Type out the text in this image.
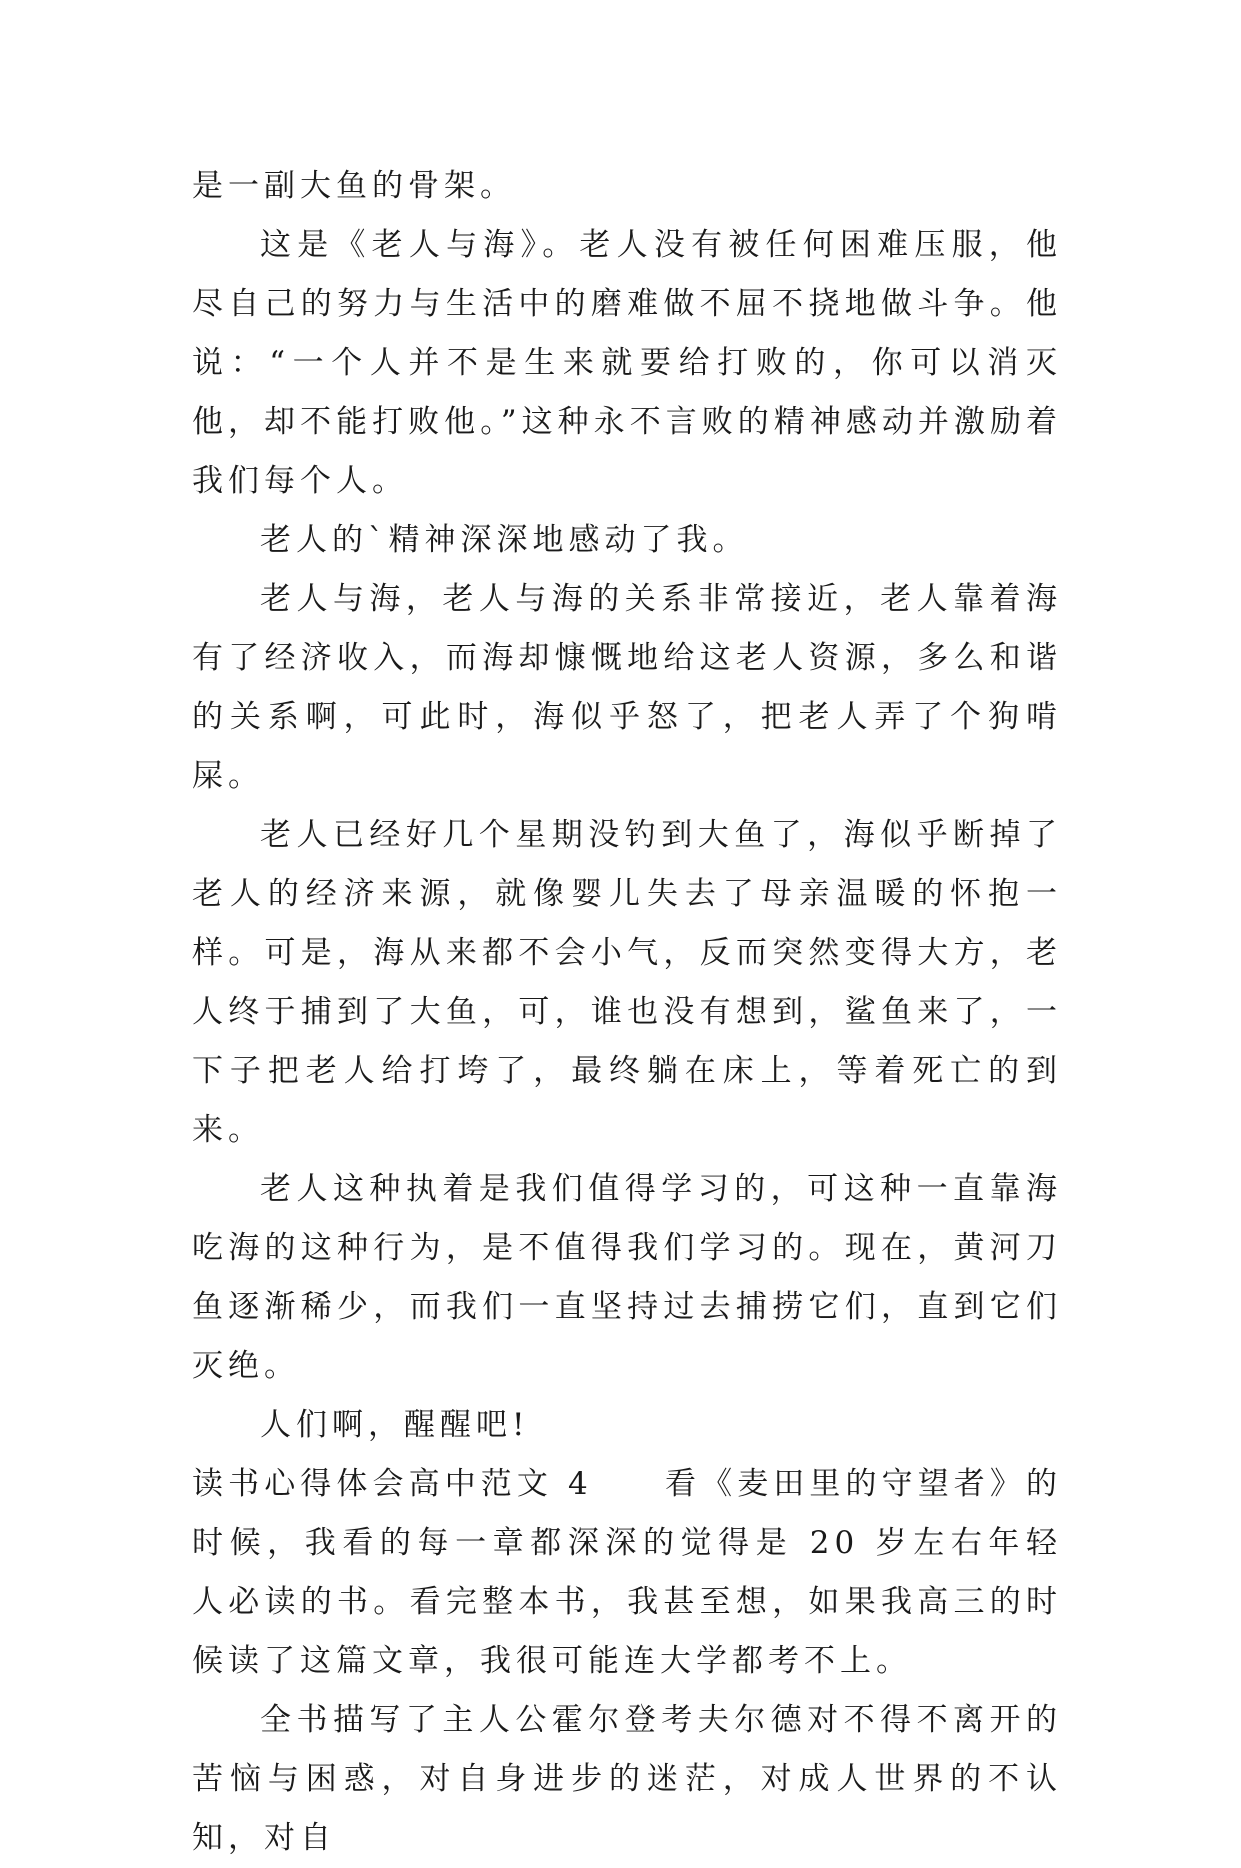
是一副大鱼的骨架。

这是《老人与海》。老人没有被任何困难压服，他尽自己的努力与生活中的磨难做不屈不挠地做斗争。他说：“一个人并不是生来就要给打败的，你可以消灭他，却不能打败他。”这种永不言败的精神感动并激励着我们每个人。

老人的`精神深深地感动了我。

老人与海，老人与海的关系非常接近，老人靠着海有了经济收入，而海却慷慨地给这老人资源，多么和谐的关系啊，可此时，海似乎怒了，把老人弄了个狗啃屎。

老人已经好几个星期没钓到大鱼了，海似乎断掉了老人的经济来源，就像婴儿失去了母亲温暖的怀抱一样。可是，海从来都不会小气，反而突然变得大方，老人终于捕到了大鱼，可，谁也没有想到，鲨鱼来了，一下子把老人给打垮了，最终躺在床上，等着死亡的到来。

老人这种执着是我们值得学习的，可这种一直靠海吃海的这种行为，是不值得我们学习的。现在，黄河刀鱼逐渐稀少，而我们一直坚持过去捕捞它们，直到它们灭绝。

人们啊，醒醒吧!

读书心得体会高中范文 4　　看《麦田里的守望者》的时候，我看的每一章都深深的觉得是 20 岁左右年轻人必读的书。看完整本书，我甚至想，如果我高三的时候读了这篇文章，我很可能连大学都考不上。

全书描写了主人公霍尔登考夫尔德对不得不离开的苦恼与困惑，对自身进步的迷茫，对成人世界的不认知，对自
